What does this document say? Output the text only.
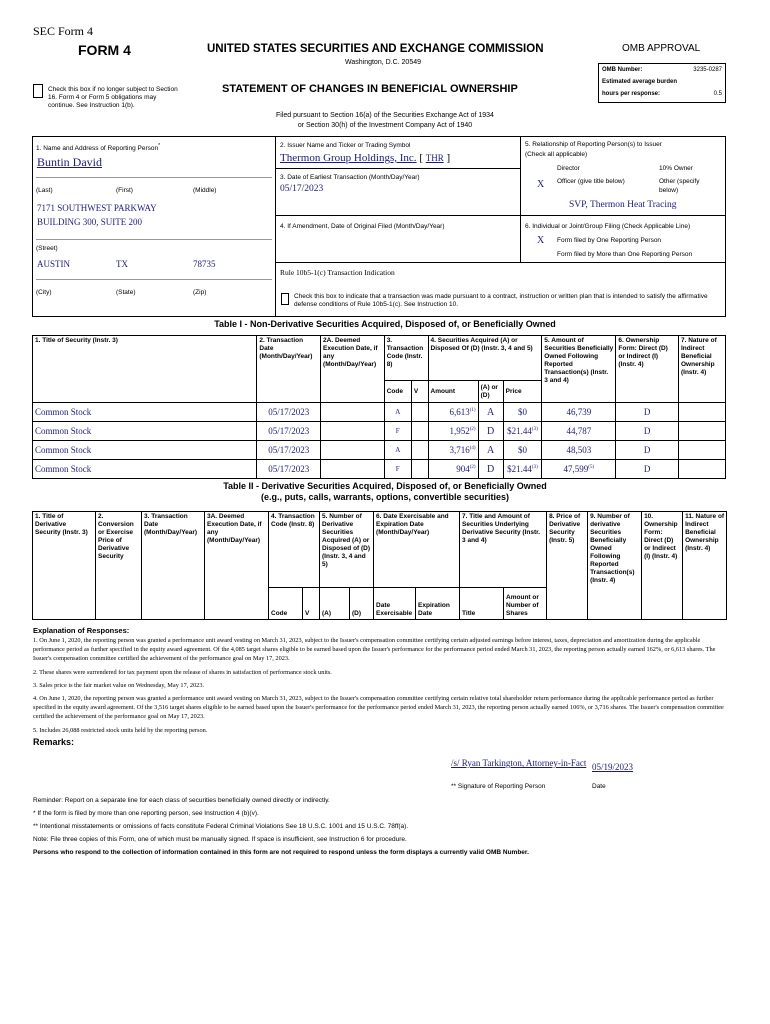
SEC Form 4
FORM 4	UNITED STATES SECURITIES AND EXCHANGE COMMISSION
Washington, D.C. 20549
Check this box if no longer subject to Section 16. Form 4 or Form 5 obligations may continue. See Instruction 1(b).
STATEMENT OF CHANGES IN BENEFICIAL OWNERSHIP
OMB APPROVAL
OMB Number:	3235-0287
Estimated average burden
hours per response:	0.5
Filed pursuant to Section 16(a) of the Securities Exchange Act of 1934
or Section 30(h) of the Investment Company Act of 1940
1. Name and Address of Reporting Person*
Buntin David
(Last)	(First)	(Middle)
7171 SOUTHWEST PARKWAY
BUILDING 300, SUITE 200
(Street)
AUSTIN	TX	78735
(City)	(State)	(Zip)
2. Issuer Name and Ticker or Trading Symbol
Thermon Group Holdings, Inc. [ THR ]
3. Date of Earliest Transaction (Month/Day/Year)
05/17/2023
4. If Amendment, Date of Original Filed (Month/Day/Year)
Rule 10b5-1(c) Transaction Indication
Check this box to indicate that a transaction was made pursuant to a contract, instruction or written plan that is intended to satisfy the affirmative defense conditions of Rule 10b5-1(c). See Instruction 10.
5. Relationship of Reporting Person(s) to Issuer
(Check all applicable)
Director	10% Owner
X Officer (give title below)	Other (specify below)
SVP, Thermon Heat Tracing
6. Individual or Joint/Group Filing (Check Applicable Line)
X Form filed by One Reporting Person
Form filed by More than One Reporting Person
Table I - Non-Derivative Securities Acquired, Disposed of, or Beneficially Owned
1. Title of Security (Instr. 3)	2. Transaction Date (Month/Day/Year)	2A. Deemed Execution Date, if any (Month/Day/Year)	3. Transaction Code (Instr. 8)		4. Securities Acquired (A) or Disposed Of (D) (Instr. 3, 4 and 5)			5. Amount of Securities Beneficially Owned Following Reported Transaction(s) (Instr. 3 and 4)	6. Ownership Form: Direct (D) or Indirect (I) (Instr. 4)	7. Nature of Indirect Beneficial Ownership (Instr. 4)
			Code	V	Amount	(A) or (D)	Price			
Common Stock	05/17/2023		A		6,613$^{(1)}$	A	$0	46,739	D	
Common Stock	05/17/2023		F		1,952$^{(2)}$	D	$21.44$^{(3)}$	44,787	D	
Common Stock	05/17/2023		A		3,716$^{(4)}$	A	$0	48,503	D	
Common Stock	05/17/2023		F		904$^{(2)}$	D	$21.44$^{(3)}$	47,599$^{(5)}$	D	
Table II - Derivative Securities Acquired, Disposed of, or Beneficially Owned
(e.g., puts, calls, warrants, options, convertible securities)
1. Title of Derivative Security (Instr. 3)	2. Conversion or Exercise Price of Derivative Security	3. Transaction Date (Month/Day/Year)	3A. Deemed Execution Date, if any (Month/Day/Year)	4. Transaction Code (Instr. 8)		5. Number of Derivative Securities Acquired (A) or Disposed of (D) (Instr. 3, 4 and 5)		6. Date Exercisable and Expiration Date (Month/Day/Year)		7. Title and Amount of Securities Underlying Derivative Security (Instr. 3 and 4)		8. Price of Derivative Security (Instr. 5)	9. Number of derivative Securities Beneficially Owned Following Reported Transaction(s) (Instr. 4)	10. Ownership Form: Direct (D) or Indirect (I) (Instr. 4)	11. Nature of Indirect Beneficial Ownership (Instr. 4)
				Code	V	(A)	(D)	Date Exercisable	Expiration Date	Title	Amount or Number of Shares				
Explanation of Responses:
1. On June 1, 2020, the reporting person was granted a performance unit award vesting on March 31, 2023, subject to the Issuer's compensation committee certifying certain adjusted earnings before interest, taxes, depreciation and amortization during the applicable performance period as further specified in the equity award agreement. Of the 4,085 target shares eligible to be earned based upon the Issuer's performance for the performance period ended March 31, 2023, the reporting person actually earned 162%, or 6,613 shares. The Issuer's compensation committee certified the achievement of the performance goal on May 17, 2023.
2. These shares were surrendered for tax payment upon the release of shares in satisfaction of performance stock units.
3. Sales price is the fair market value on Wednesday, May 17, 2023.
4. On June 1, 2020, the reporting person was granted a performance unit award vesting on March 31, 2023, subject to the Issuer's compensation committee certifying certain relative total shareholder return performance during the applicable performance period as further specified in the equity award agreement. Of the 3,516 target shares eligible to be earned based upon the Issuer's performance for the performance period ended March 31, 2023, the reporting person actually earned 106%, or 3,716 shares. The Issuer's compensation committee certified the achievement of the performance goal on May 17, 2023.
5. Includes 26,088 restricted stock units held by the reporting person.
Remarks:
/s/ Ryan Tarkington, Attorney-in-Fact 05/19/2023
** Signature of Reporting Person	Date
Reminder: Report on a separate line for each class of securities beneficially owned directly or indirectly.
* If the form is filed by more than one reporting person, see Instruction 4 (b)(v).
** Intentional misstatements or omissions of facts constitute Federal Criminal Violations See 18 U.S.C. 1001 and 15 U.S.C. 78ff(a).
Note: File three copies of this Form, one of which must be manually signed. If space is insufficient, see Instruction 6 for procedure.
Persons who respond to the collection of information contained in this form are not required to respond unless the form displays a currently valid OMB Number.
